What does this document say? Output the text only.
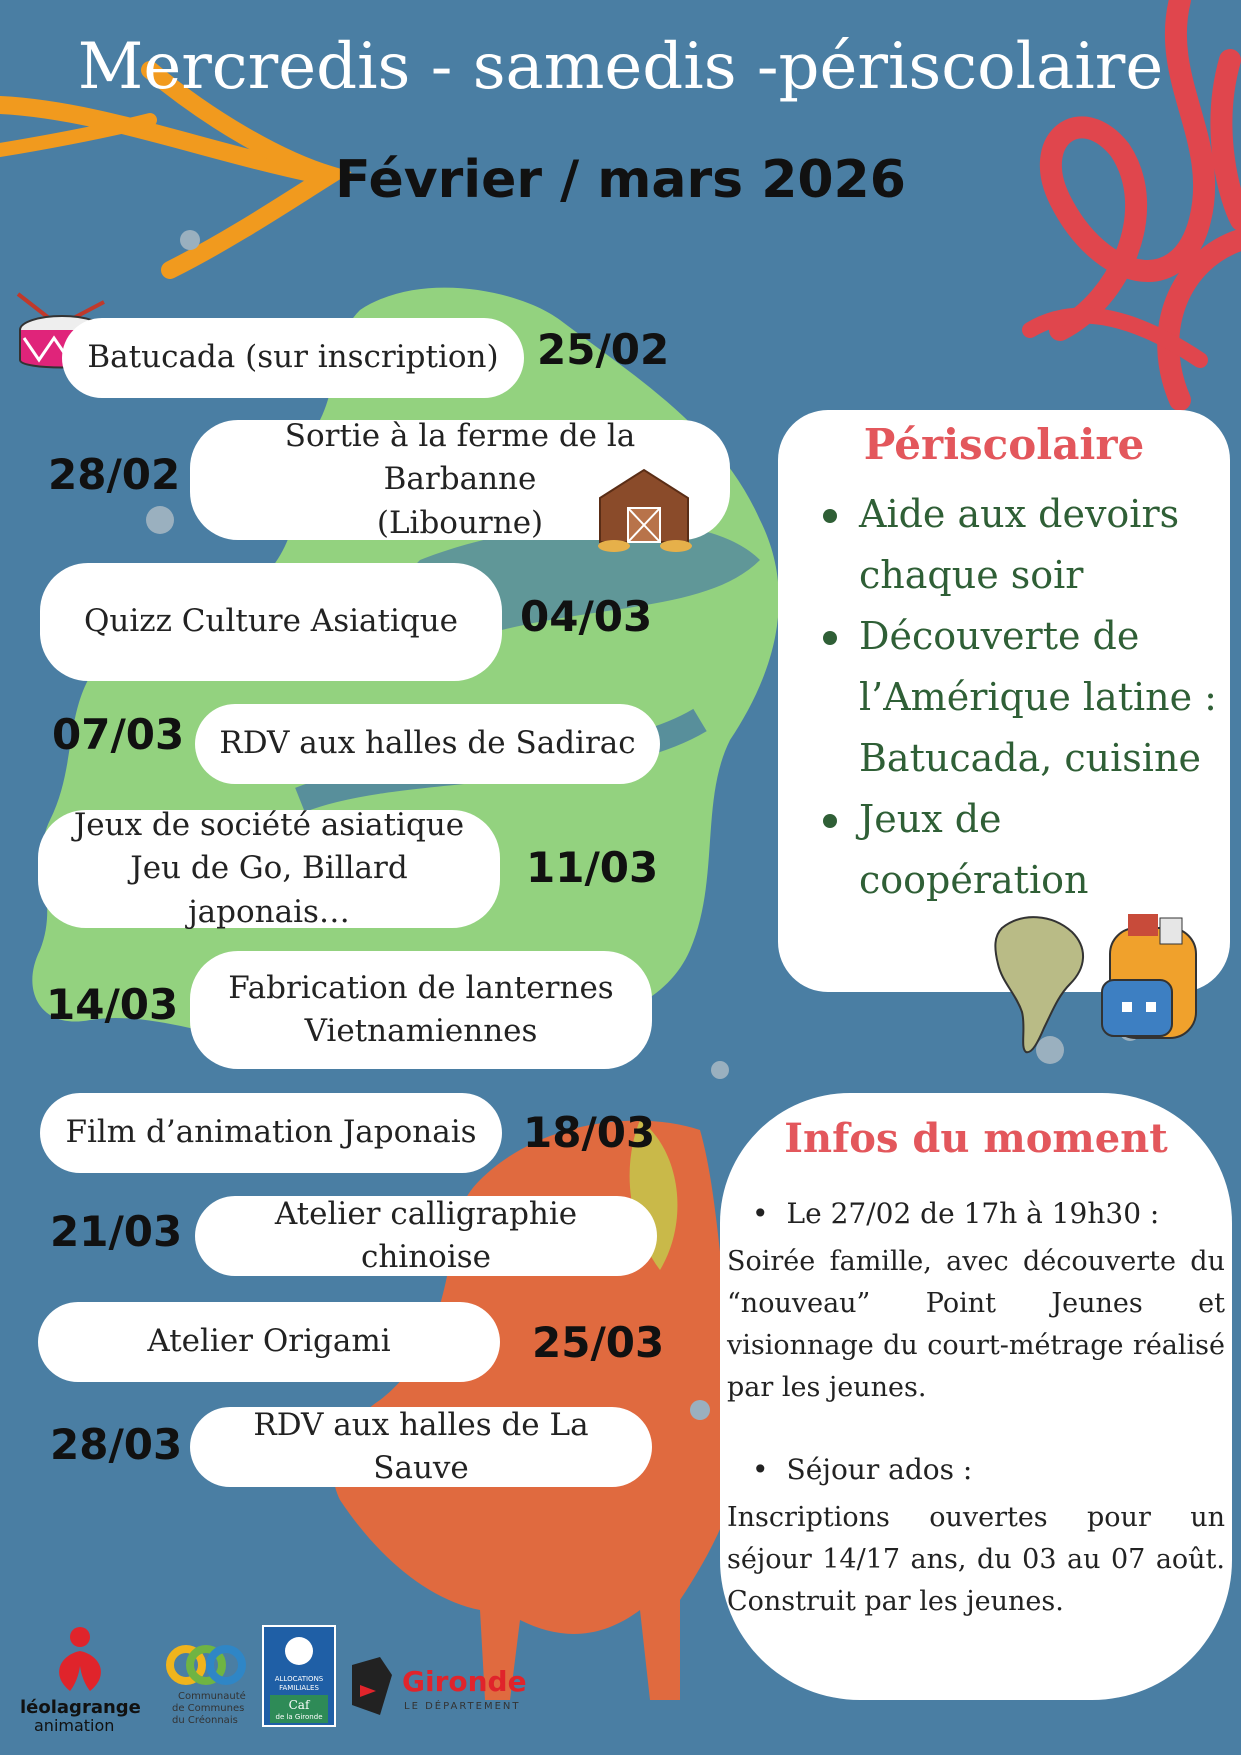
Mercredis - samedis -périscolaire
Février / mars 2026
Batucada (sur inscription) 25/02
Sortie à la ferme de la Barbanne
(Libourne)
28/02
Quizz Culture Asiatique 04/03
RDV aux halles de Sadirac
07/03
Jeux de société asiatique
Jeu de Go, Billard japonais…
11/03
Fabrication de lanternes
Vietnamiennes
14/03
Film d’animation Japonais 18/03
Atelier calligraphie chinoise
21/03
Atelier Origami	25/03
RDV aux halles de La Sauve
28/03
Périscolaire
Aide aux devoirs chaque soir
Découverte de l’Amérique latine : Batucada, cuisine
Jeux de coopération
Infos du moment
• Le 27/02 de 17h à 19h30 :
Soirée famille, avec découverte du “nouveau” Point Jeunes et visionnage du court-métrage réalisé par les jeunes.
• Séjour ados :
Inscriptions ouvertes pour un séjour 14/17 ans, du 03 au 07 août. Construit par les jeunes.
léolagrange
animation
Communauté
de Communes
du Créonnais
ALLOCATIONS
FAMILIALES
Caf
de la Gironde
Gironde
LE DÉPARTEMENT
